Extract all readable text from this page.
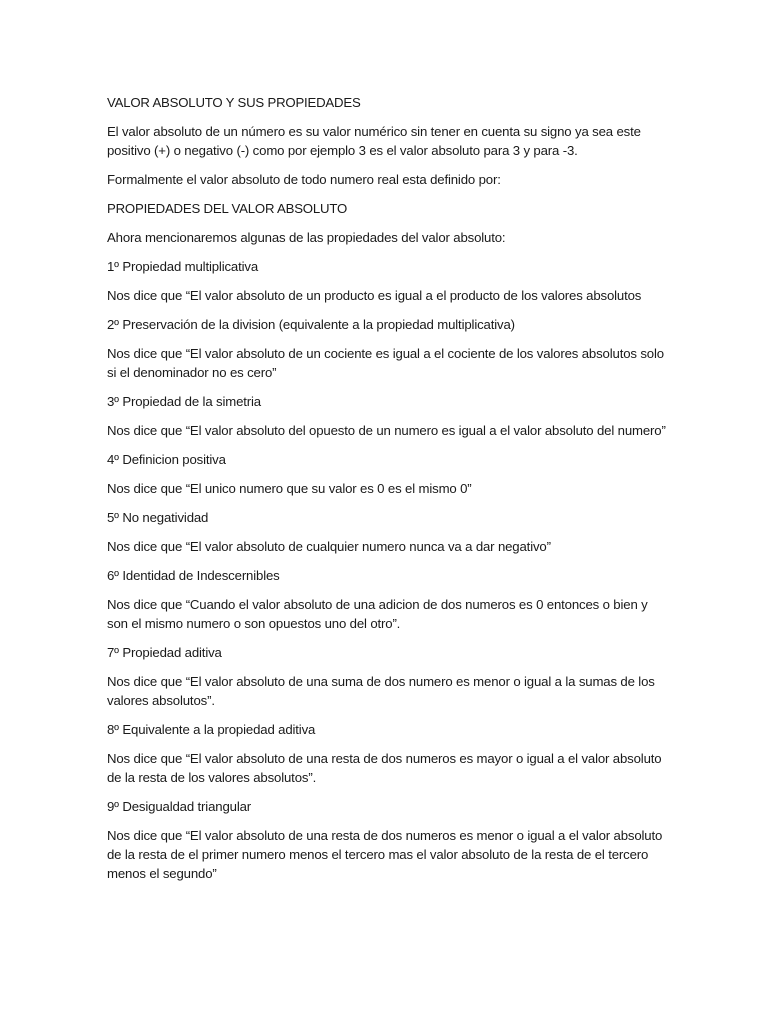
VALOR ABSOLUTO Y SUS PROPIEDADES

El valor absoluto de un número es su valor numérico sin tener en cuenta su signo ya sea este positivo (+) o negativo (-) como por ejemplo 3 es el valor absoluto para 3 y para -3.

Formalmente el valor absoluto de todo numero real esta definido por:

PROPIEDADES DEL VALOR ABSOLUTO

Ahora mencionaremos algunas de las propiedades del valor absoluto:

1º Propiedad multiplicativa

Nos dice que “El valor absoluto de un producto es igual a el producto de los valores absolutos

2º Preservación de la division (equivalente a la propiedad multiplicativa)

Nos dice que “El valor absoluto de un cociente es igual a el cociente de los valores absolutos solo si el denominador no es cero”

3º Propiedad de la simetria

Nos dice que “El valor absoluto del opuesto de un numero es igual a el valor absoluto del numero”

4º Definicion positiva

Nos dice que “El unico numero que su valor es 0 es el mismo 0”

5º No negatividad

Nos dice que “El valor absoluto de cualquier numero nunca va a dar negativo”

6º Identidad de Indescernibles

Nos dice que “Cuando el valor absoluto de una adicion de dos numeros es 0 entonces o bien y son el mismo numero o son opuestos uno del otro”.

7º Propiedad aditiva

Nos dice que “El valor absoluto de una suma de dos numero es menor o igual a la sumas de los valores absolutos”.

8º Equivalente a la propiedad aditiva

Nos dice que “El valor absoluto de una resta de dos numeros es mayor o igual a el valor absoluto de la resta de los valores absolutos”.

9º Desigualdad triangular

Nos dice que “El valor absoluto de una resta de dos numeros es menor o igual a el valor absoluto de la resta de el primer numero menos el tercero mas el valor absoluto de la resta de el tercero menos el segundo”
